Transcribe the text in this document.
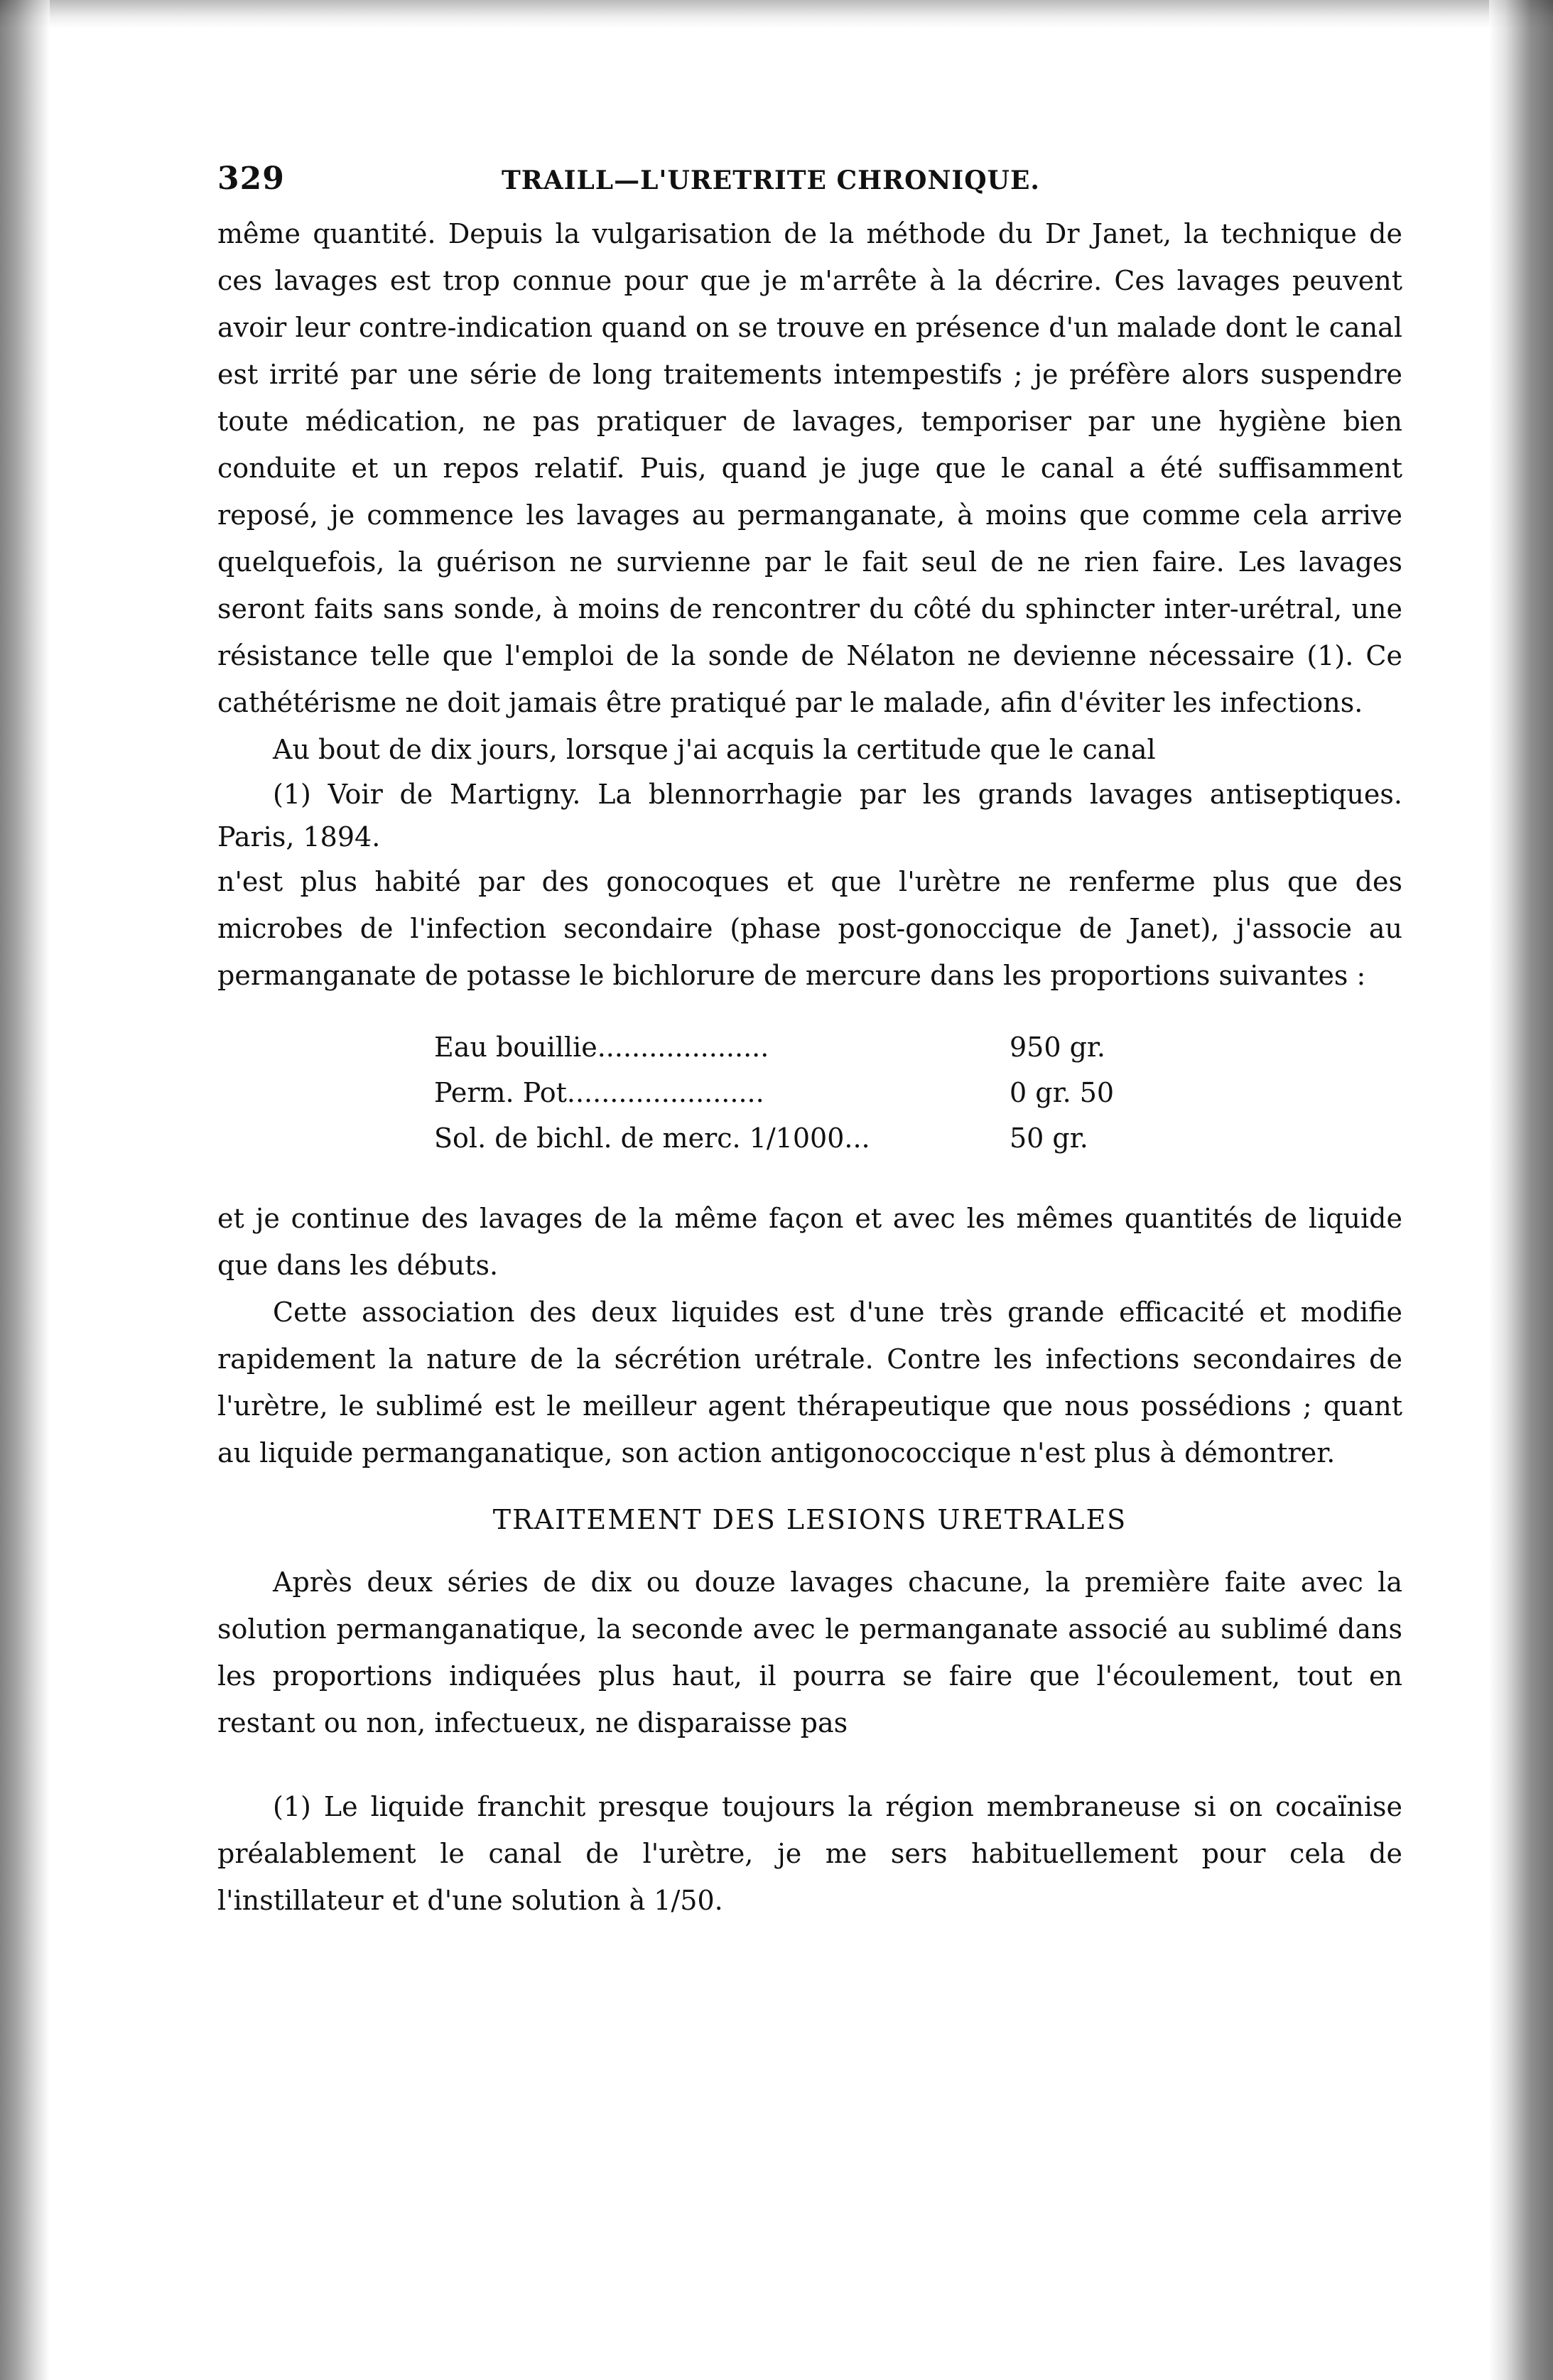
329	TRAILL—L'URETRITE CHRONIQUE.

même quantité. Depuis la vulgarisation de la méthode du Dr Janet, la technique de ces lavages est trop connue pour que je m'arrête à la décrire. Ces lavages peuvent avoir leur contre-indication quand on se trouve en présence d'un malade dont le canal est irrité par une série de long traitements intempestifs ; je préfère alors suspendre toute médication, ne pas pratiquer de lavages, temporiser par une hygiène bien conduite et un repos relatif. Puis, quand je juge que le canal a été suffisamment reposé, je commence les lavages au permanganate, à moins que comme cela arrive quelquefois, la guérison ne survienne par le fait seul de ne rien faire. Les lavages seront faits sans sonde, à moins de rencontrer du côté du sphincter inter-urétral, une résistance telle que l'emploi de la sonde de Nélaton ne devienne nécessaire (1). Ce cathétérisme ne doit jamais être pratiqué par le malade, afin d'éviter les infections.

Au bout de dix jours, lorsque j'ai acquis la certitude que le canal

(1) Voir de Martigny. La blennorrhagie par les grands lavages antiseptiques. Paris, 1894.

n'est plus habité par des gonocoques et que l'urètre ne renferme plus que des microbes de l'infection secondaire (phase post-gonoccique de Janet), j'associe au permanganate de potasse le bichlorure de mercure dans les proportions suivantes :

Eau bouillie....................	950 gr.
Perm. Pot.......................	0 gr. 50
Sol. de bichl. de merc. 1/1000...	50 gr.

et je continue des lavages de la même façon et avec les mêmes quantités de liquide que dans les débuts.

Cette association des deux liquides est d'une très grande efficacité et modifie rapidement la nature de la sécrétion urétrale. Contre les infections secondaires de l'urètre, le sublimé est le meilleur agent thérapeutique que nous possédions ; quant au liquide permanganatique, son action antigonococcique n'est plus à démontrer.

TRAITEMENT DES LESIONS URETRALES

Après deux séries de dix ou douze lavages chacune, la première faite avec la solution permanganatique, la seconde avec le permanganate associé au sublimé dans les proportions indiquées plus haut, il pourra se faire que l'écoulement, tout en restant ou non, infectueux, ne disparaisse pas

(1) Le liquide franchit presque toujours la région membraneuse si on cocaïnise préalablement le canal de l'urètre, je me sers habituellement pour cela de l'instillateur et d'une solution à 1/50.
